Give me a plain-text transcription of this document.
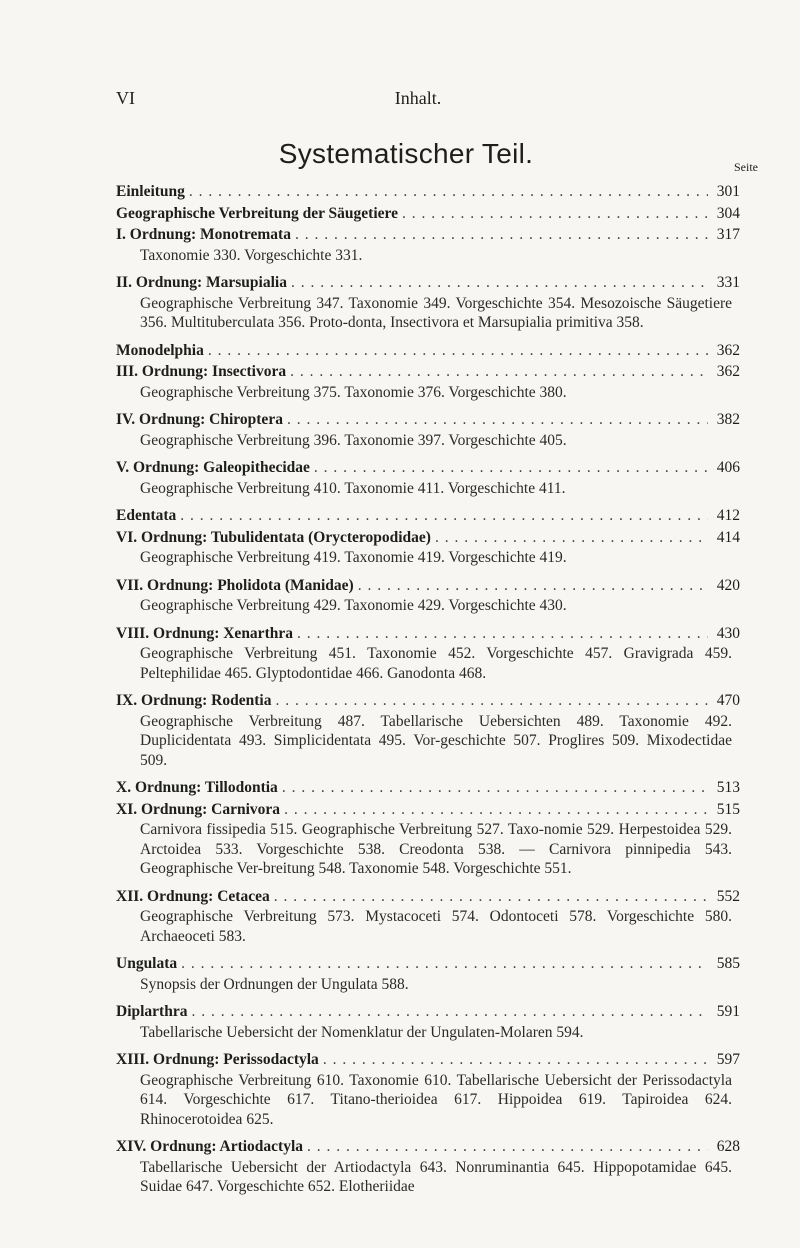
VI	Inhalt.
Systematischer Teil.	Seite
Einleitung . . .	301
Geographische Verbreitung der Säugetiere . . .	304
I. Ordnung: Monotremata . . .	317
Taxonomie 330. Vorgeschichte 331.
II. Ordnung: Marsupialia . . .	331
Geographische Verbreitung 347. Taxonomie 349. Vorgeschichte 354. Mesozoische Säugetiere 356. Multituberculata 356. Proto-donta, Insectivora et Marsupialia primitiva 358.
Monodelphia . . .	362
III. Ordnung: Insectivora . . .	362
Geographische Verbreitung 375. Taxonomie 376. Vorgeschichte 380.
IV. Ordnung: Chiroptera . . .	382
Geographische Verbreitung 396. Taxonomie 397. Vorgeschichte 405.
V. Ordnung: Galeopithecidae . . .	406
Geographische Verbreitung 410. Taxonomie 411. Vorgeschichte 411.
Edentata . . .	412
VI. Ordnung: Tubulidentata (Orycteropodidae) . . .	414
Geographische Verbreitung 419. Taxonomie 419. Vorgeschichte 419.
VII. Ordnung: Pholidota (Manidae) . . .	420
Geographische Verbreitung 429. Taxonomie 429. Vorgeschichte 430.
VIII. Ordnung: Xenarthra . . .	430
Geographische Verbreitung 451. Taxonomie 452. Vorgeschichte 457. Gravigrada 459. Peltephilidae 465. Glyptodontidae 466. Ganodonta 468.
IX. Ordnung: Rodentia . . .	470
Geographische Verbreitung 487. Tabellarische Uebersichten 489. Taxonomie 492. Duplicidentata 493. Simplicidentata 495. Vor-geschichte 507. Proglires 509. Mixodectidae 509.
X. Ordnung: Tillodontia . . .	513
XI. Ordnung: Carnivora . . .	515
Carnivora fissipedia 515. Geographische Verbreitung 527. Taxo-nomie 529. Herpestoidea 529. Arctoidea 533. Vorgeschichte 538. Creodonta 538. — Carnivora pinnipedia 543. Geographische Ver-breitung 548. Taxonomie 548. Vorgeschichte 551.
XII. Ordnung: Cetacea . . .	552
Geographische Verbreitung 573. Mystacoceti 574. Odontoceti 578. Vorgeschichte 580. Archaeoceti 583.
Ungulata . . .	585
Synopsis der Ordnungen der Ungulata 588.
Diplarthra . . .	591
Tabellarische Uebersicht der Nomenklatur der Ungulaten-Molaren 594.
XIII. Ordnung: Perissodactyla . . .	597
Geographische Verbreitung 610. Taxonomie 610. Tabellarische Uebersicht der Perissodactyla 614. Vorgeschichte 617. Titano-therioidea 617. Hippoidea 619. Tapiroidea 624. Rhinocerotoidea 625.
XIV. Ordnung: Artiodactyla . . .	628
Tabellarische Uebersicht der Artiodactyla 643. Nonruminantia 645. Hippopotamidae 645. Suidae 647. Vorgeschichte 652. Elotheriidae
